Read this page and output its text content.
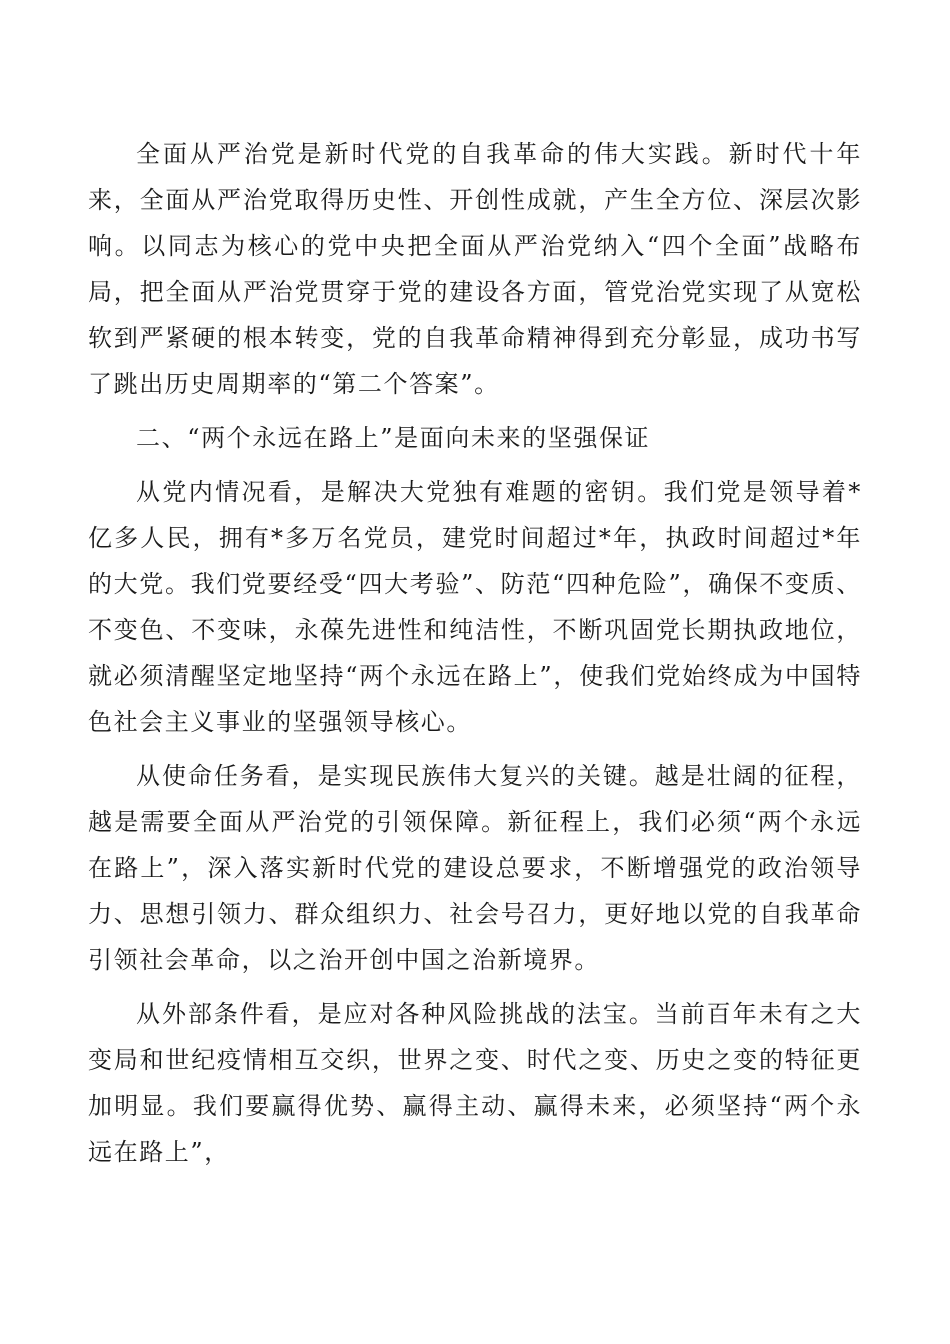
全面从严治党是新时代党的自我革命的伟大实践。新时代十年来，全面从严治党取得历史性、开创性成就，产生全方位、深层次影响。以同志为核心的党中央把全面从严治党纳入“四个全面”战略布局，把全面从严治党贯穿于党的建设各方面，管党治党实现了从宽松软到严紧硬的根本转变，党的自我革命精神得到充分彰显，成功书写了跳出历史周期率的“第二个答案”。

二、“两个永远在路上”是面向未来的坚强保证

从党内情况看，是解决大党独有难题的密钥。我们党是领导着*亿多人民，拥有*多万名党员，建党时间超过*年，执政时间超过*年的大党。我们党要经受“四大考验”、防范“四种危险”，确保不变质、不变色、不变味，永葆先进性和纯洁性，不断巩固党长期执政地位，就必须清醒坚定地坚持“两个永远在路上”，使我们党始终成为中国特色社会主义事业的坚强领导核心。

从使命任务看，是实现民族伟大复兴的关键。越是壮阔的征程，越是需要全面从严治党的引领保障。新征程上，我们必须“两个永远在路上”，深入落实新时代党的建设总要求，不断增强党的政治领导力、思想引领力、群众组织力、社会号召力，更好地以党的自我革命引领社会革命，以之治开创中国之治新境界。

从外部条件看，是应对各种风险挑战的法宝。当前百年未有之大变局和世纪疫情相互交织，世界之变、时代之变、历史之变的特征更加明显。我们要赢得优势、赢得主动、赢得未来，必须坚持“两个永远在路上”，
